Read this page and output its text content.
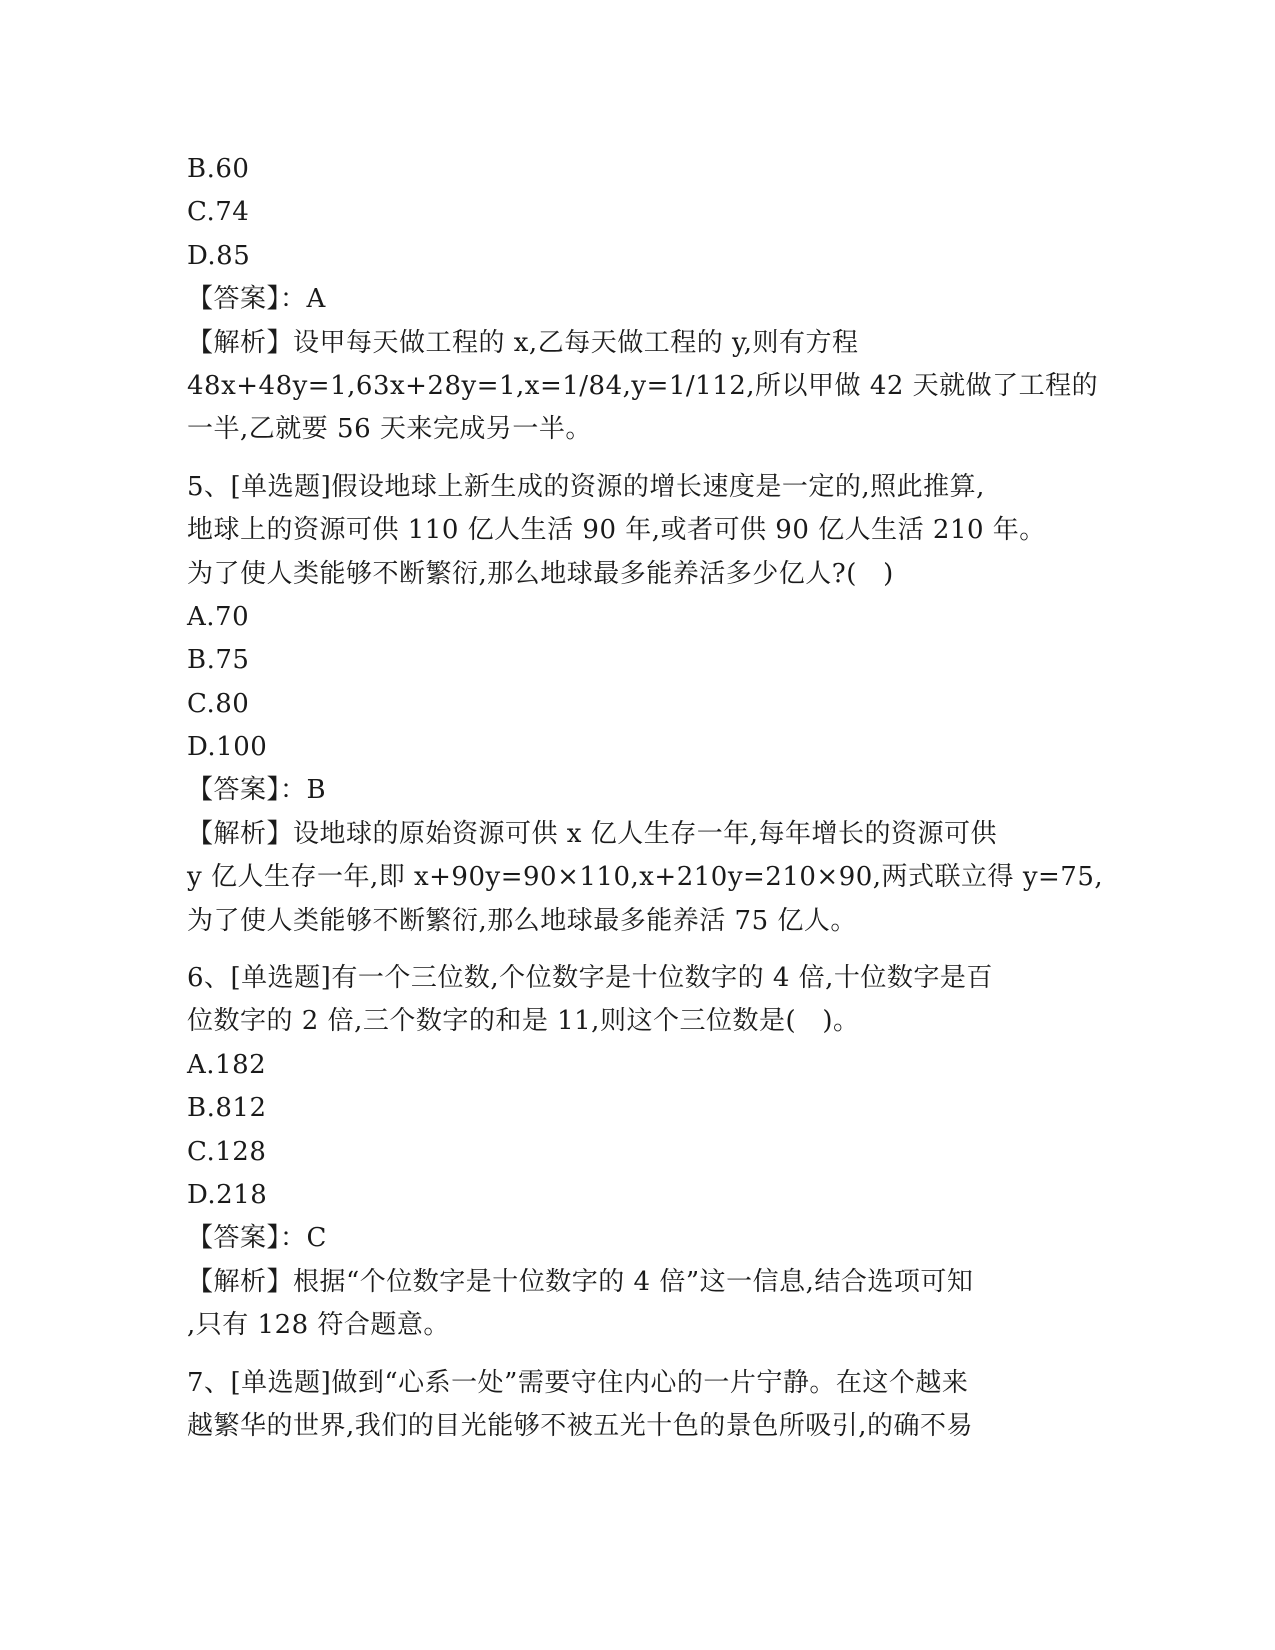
B.60
C.74
D.85
【答案】：A
【解析】设甲每天做工程的 x,乙每天做工程的 y,则有方程
48x+48y=1,63x+28y=1,x=1/84,y=1/112,所以甲做 42 天就做了工程的
一半,乙就要 56 天来完成另一半。
5、[单选题]假设地球上新生成的资源的增长速度是一定的,照此推算,
地球上的资源可供 110 亿人生活 90 年,或者可供 90 亿人生活 210 年。
为了使人类能够不断繁衍,那么地球最多能养活多少亿人?(   )
A.70
B.75
C.80
D.100
【答案】：B
【解析】设地球的原始资源可供 x 亿人生存一年,每年增长的资源可供
y 亿人生存一年,即 x+90y=90×110,x+210y=210×90,两式联立得 y=75,
为了使人类能够不断繁衍,那么地球最多能养活 75 亿人。
6、[单选题]有一个三位数,个位数字是十位数字的 4 倍,十位数字是百
位数字的 2 倍,三个数字的和是 11,则这个三位数是(   )。
A.182
B.812
C.128
D.218
【答案】：C
【解析】根据“个位数字是十位数字的 4 倍”这一信息,结合选项可知
,只有 128 符合题意。
7、[单选题]做到“心系一处”需要守住内心的一片宁静。在这个越来
越繁华的世界,我们的目光能够不被五光十色的景色所吸引,的确不易
